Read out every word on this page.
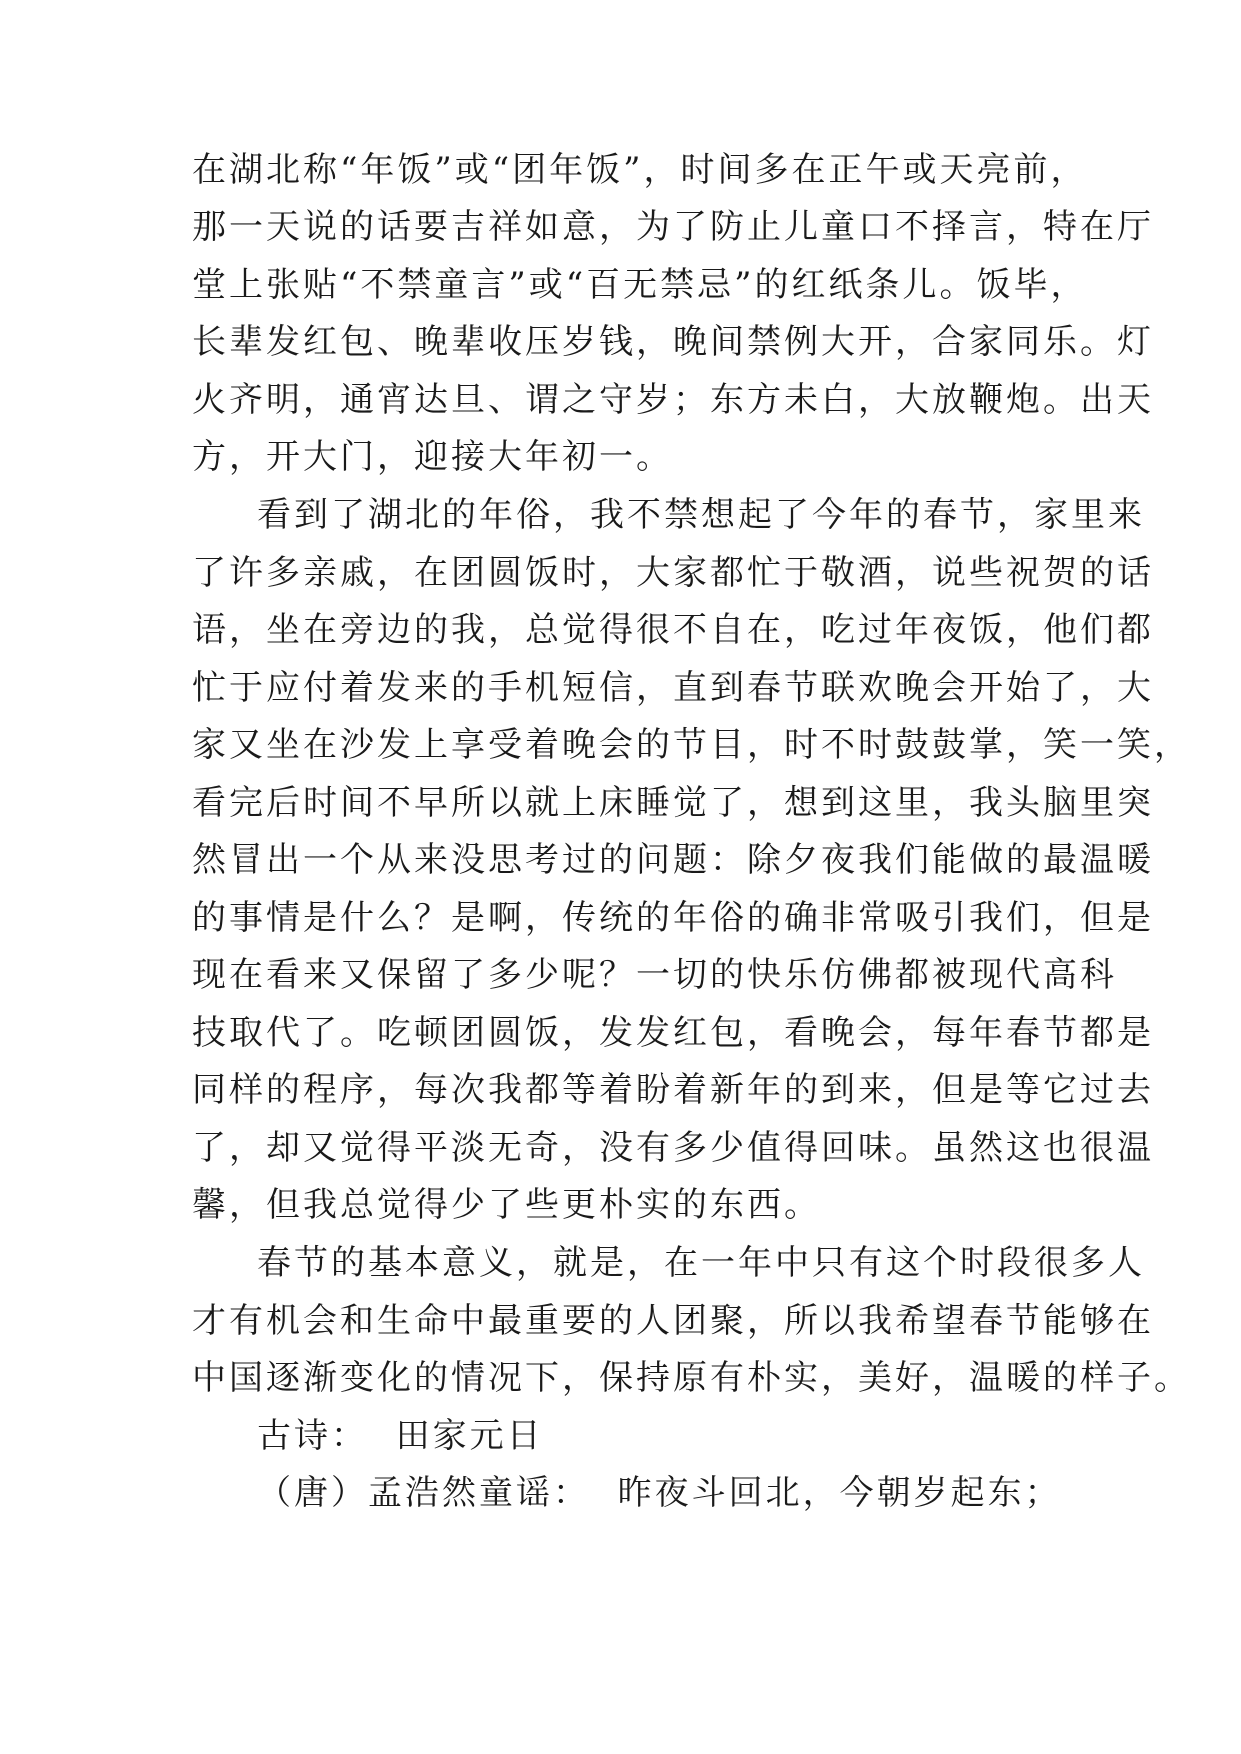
在湖北称“年饭”或“团年饭”，时间多在正午或天亮前，
那一天说的话要吉祥如意，为了防止儿童口不择言，特在厅
堂上张贴“不禁童言”或“百无禁忌”的红纸条儿。饭毕，
长辈发红包、晚辈收压岁钱，晚间禁例大开，合家同乐。灯
火齐明，通宵达旦、谓之守岁；东方未白，大放鞭炮。出天
方，开大门，迎接大年初一。
看到了湖北的年俗，我不禁想起了今年的春节，家里来
了许多亲戚，在团圆饭时，大家都忙于敬酒，说些祝贺的话
语，坐在旁边的我，总觉得很不自在，吃过年夜饭，他们都
忙于应付着发来的手机短信，直到春节联欢晚会开始了，大
家又坐在沙发上享受着晚会的节目，时不时鼓鼓掌，笑一笑，
看完后时间不早所以就上床睡觉了，想到这里，我头脑里突
然冒出一个从来没思考过的问题：除夕夜我们能做的最温暖
的事情是什么？是啊，传统的年俗的确非常吸引我们，但是
现在看来又保留了多少呢？一切的快乐仿佛都被现代高科
技取代了。吃顿团圆饭，发发红包，看晚会，每年春节都是
同样的程序，每次我都等着盼着新年的到来，但是等它过去
了，却又觉得平淡无奇，没有多少值得回味。虽然这也很温
馨，但我总觉得少了些更朴实的东西。
春节的基本意义，就是，在一年中只有这个时段很多人
才有机会和生命中最重要的人团聚，所以我希望春节能够在
中国逐渐变化的情况下，保持原有朴实，美好，温暖的样子。
古诗：  田家元日
（唐）孟浩然童谣：  昨夜斗回北，今朝岁起东；
